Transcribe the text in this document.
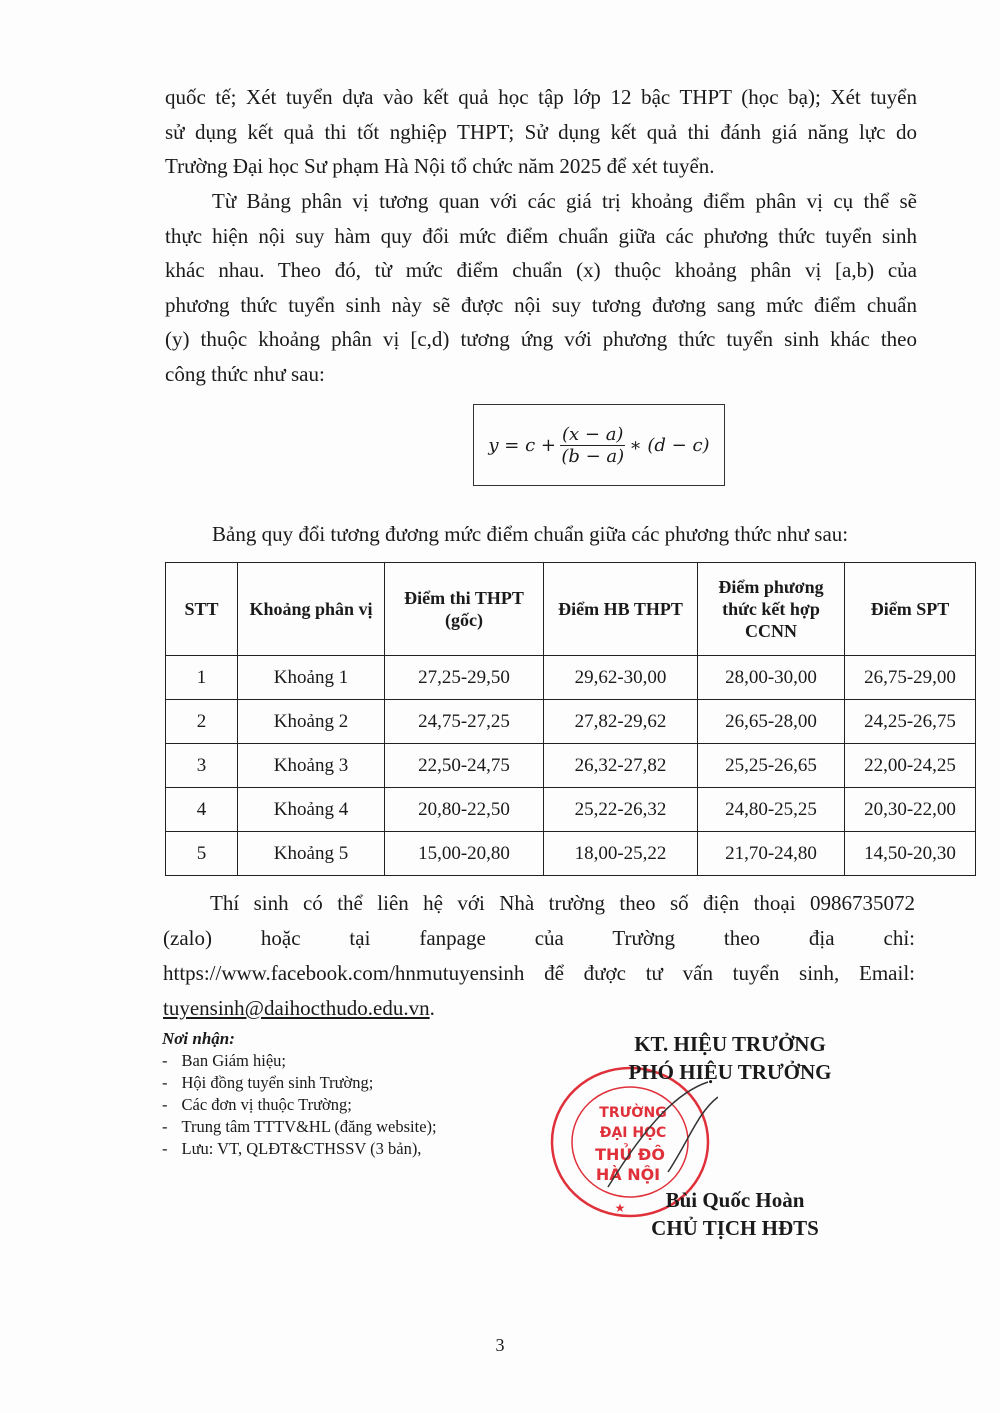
quốc tế; Xét tuyển dựa vào kết quả học tập lớp 12 bậc THPT (học bạ); Xét tuyển
sử dụng kết quả thi tốt nghiệp THPT; Sử dụng kết quả thi đánh giá năng lực do
Trường Đại học Sư phạm Hà Nội tổ chức năm 2025 để xét tuyển.
Từ Bảng phân vị tương quan với các giá trị khoảng điểm phân vị cụ thể sẽ
thực hiện nội suy hàm quy đổi mức điểm chuẩn giữa các phương thức tuyển sinh
khác nhau. Theo đó, từ mức điểm chuẩn (x) thuộc khoảng phân vị [a,b) của
phương thức tuyển sinh này sẽ được nội suy tương đương sang mức điểm chuẩn
(y) thuộc khoảng phân vị [c,d) tương ứng với phương thức tuyển sinh khác theo
công thức như sau:
$y = c + \frac{(x - a)}{(b - a)}$ ∗ (d − c)
Bảng quy đổi tương đương mức điểm chuẩn giữa các phương thức như sau:
STT	Khoảng phân vị	Điểm thi THPT (gốc)	Điểm HB THPT	Điểm phương thức kết hợp CCNN	Điểm SPT
1	Khoảng 1	27,25-29,50	29,62-30,00	28,00-30,00	26,75-29,00
2	Khoảng 2	24,75-27,25	27,82-29,62	26,65-28,00	24,25-26,75
3	Khoảng 3	22,50-24,75	26,32-27,82	25,25-26,65	22,00-24,25
4	Khoảng 4	20,80-22,50	25,22-26,32	24,80-25,25	20,30-22,00
5	Khoảng 5	15,00-20,80	18,00-25,22	21,70-24,80	14,50-20,30
Thí sinh có thể liên hệ với Nhà trường theo số điện thoại 0986735072
(zalo) hoặc tại fanpage của Trường theo địa chỉ:
https://www.facebook.com/hnmutuyensinh để được tư vấn tuyển sinh, Email:
tuyensinh@daihocthudo.edu.vn.
Nơi nhận:
- Ban Giám hiệu;
- Hội đồng tuyển sinh Trường;
- Các đơn vị thuộc Trường;
- Trung tâm TTTV&HL (đăng website);
- Lưu: VT, QLĐT&CTHSSV (3 bản),
TRƯỜNG
ĐẠI HỌC
THỦ ĐÔ
HÀ NỘI
★
KT. HIỆU TRƯỞNG
PHÓ HIỆU TRƯỞNG
Bùi Quốc Hoàn
CHỦ TỊCH HĐTS
3
